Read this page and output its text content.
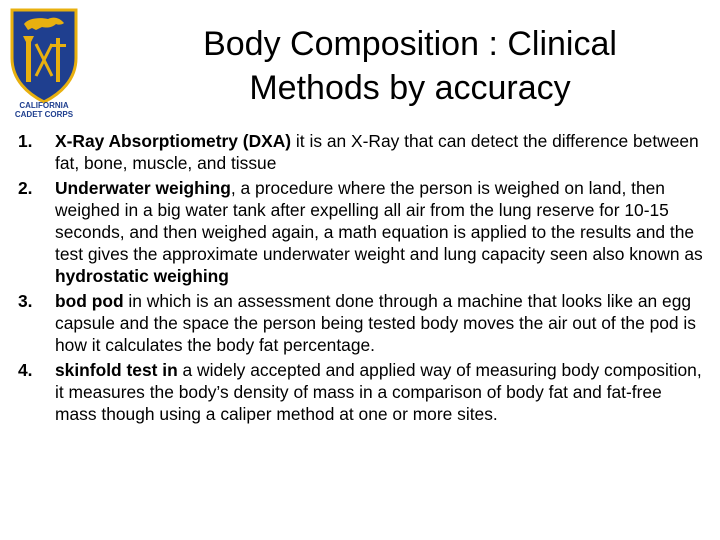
CALIFORNIA
CADET CORPS
Body Composition : Clinical
Methods by accuracy
1. X-Ray Absorptiometry (DXA) it is an X-Ray that can detect the difference between fat, bone, muscle, and tissue
2. Underwater weighing, a procedure where the person is weighed on land, then weighed in a big water tank after expelling all air from the lung reserve for 10-15 seconds, and then weighed again, a math equation is applied to the results and the test gives the approximate underwater weight and lung capacity seen also known as hydrostatic weighing
3. bod pod in which is an assessment done through a machine that looks like an egg capsule and the space the person being tested body moves the air out of the pod is how it calculates the body fat percentage.
4. skinfold test in a widely accepted and applied way of measuring body composition, it measures the body’s density of mass in a comparison of body fat and fat-free mass though using a caliper method at one or more sites.
